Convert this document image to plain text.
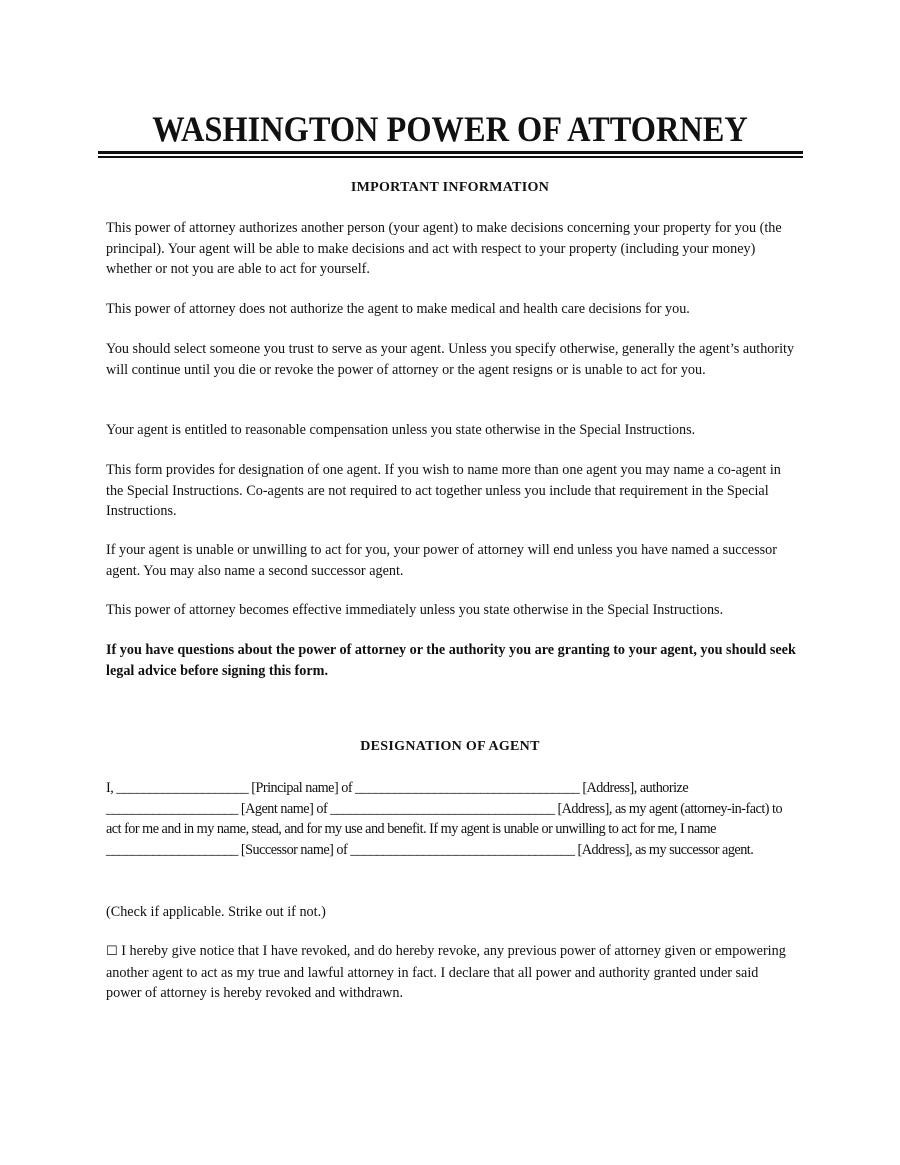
WASHINGTON POWER OF ATTORNEY
IMPORTANT INFORMATION
This power of attorney authorizes another person (your agent) to make decisions concerning your property for you (the principal). Your agent will be able to make decisions and act with respect to your property (including your money) whether or not you are able to act for yourself.
This power of attorney does not authorize the agent to make medical and health care decisions for you.
You should select someone you trust to serve as your agent. Unless you specify otherwise, generally the agent’s authority will continue until you die or revoke the power of attorney or the agent resigns or is unable to act for you.
Your agent is entitled to reasonable compensation unless you state otherwise in the Special Instructions.
This form provides for designation of one agent. If you wish to name more than one agent you may name a co-agent in the Special Instructions. Co-agents are not required to act together unless you include that requirement in the Special Instructions.
If your agent is unable or unwilling to act for you, your power of attorney will end unless you have named a successor agent. You may also name a second successor agent.
This power of attorney becomes effective immediately unless you state otherwise in the Special Instructions.
If you have questions about the power of attorney or the authority you are granting to your agent, you should seek legal advice before signing this form.
DESIGNATION OF AGENT
I, ____________________ [Principal name] of __________________________________ [Address], authorize ____________________ [Agent name] of __________________________________ [Address], as my agent (attorney-in-fact) to act for me and in my name, stead, and for my use and benefit. If my agent is unable or unwilling to act for me, I name ____________________ [Successor name] of __________________________________ [Address], as my successor agent.
(Check if applicable. Strike out if not.)
☐ I hereby give notice that I have revoked, and do hereby revoke, any previous power of attorney given or empowering another agent to act as my true and lawful attorney in fact. I declare that all power and authority granted under said power of attorney is hereby revoked and withdrawn.
